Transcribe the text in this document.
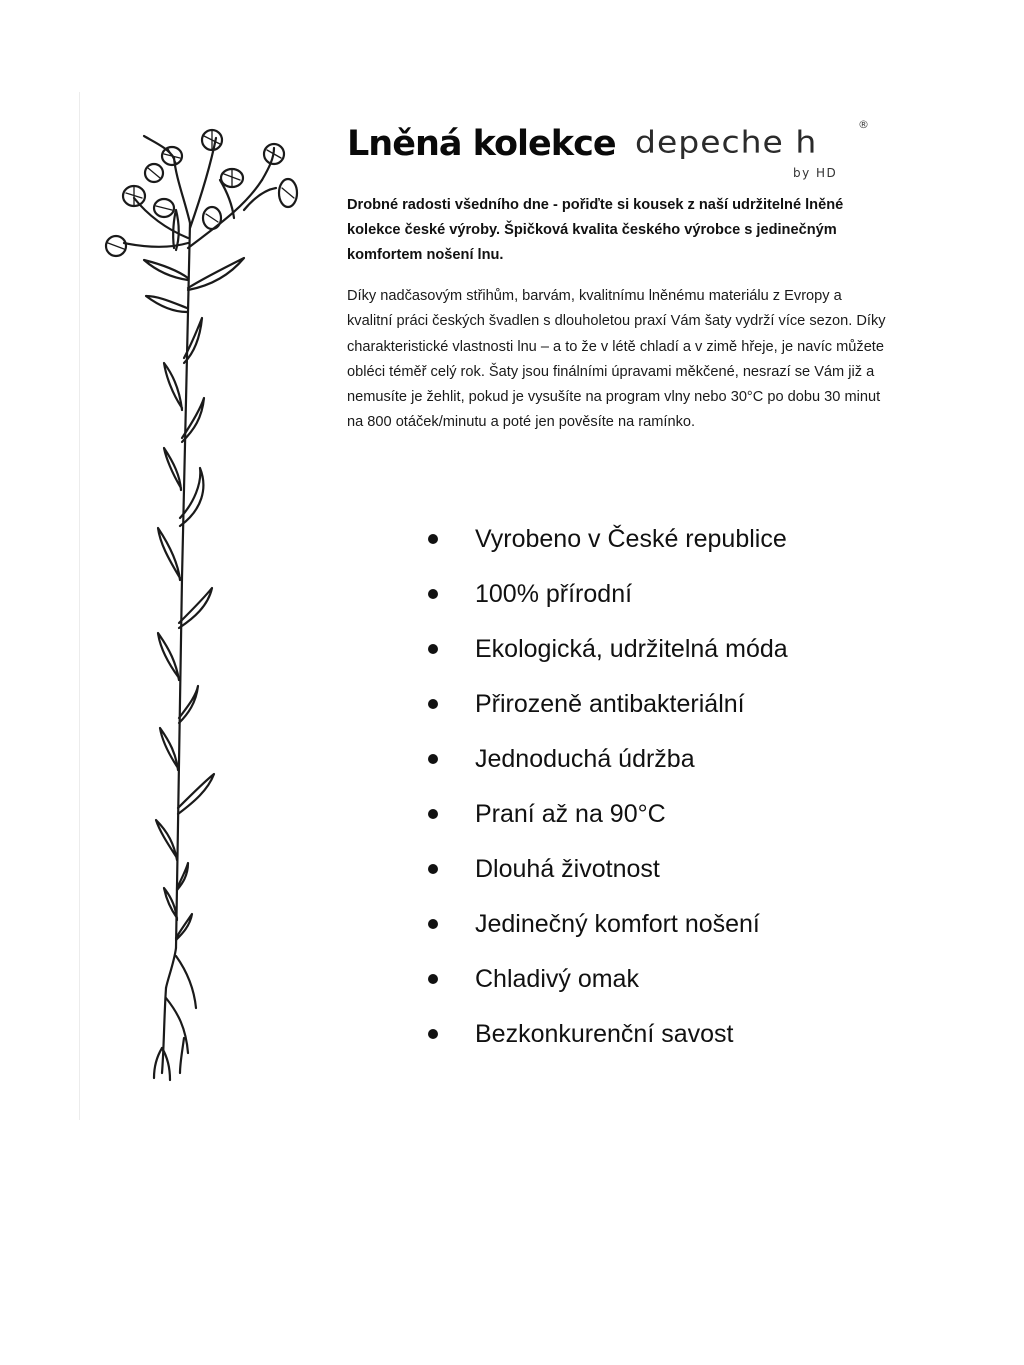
Lněná kolekce depeche h	®
by HD

Drobné radosti všedního dne - pořiďte si kousek z naší udržitelné lněné kolekce české výroby. Špičková kvalita českého výrobce s jedinečným komfortem nošení lnu.

Díky nadčasovým střihům, barvám, kvalitnímu lněnému materiálu z Evropy a kvalitní práci českých švadlen s dlouholetou praxí Vám šaty vydrží více sezon. Díky charakteristické vlastnosti lnu – a to že v létě chladí a v zimě hřeje, je navíc můžete obléci téměř celý rok. Šaty jsou finálními úpravami měkčené, nesrazí se Vám již a nemusíte je žehlit, pokud je vysušíte na program vlny nebo 30°C po dobu 30 minut na 800 otáček/minutu a poté jen pověsíte na ramínko.

Vyrobeno v České republice
100% přírodní
Ekologická, udržitelná móda
Přirozeně antibakteriální
Jednoduchá údržba
Praní až na 90°C
Dlouhá životnost
Jedinečný komfort nošení
Chladivý omak
Bezkonkurenční savost
